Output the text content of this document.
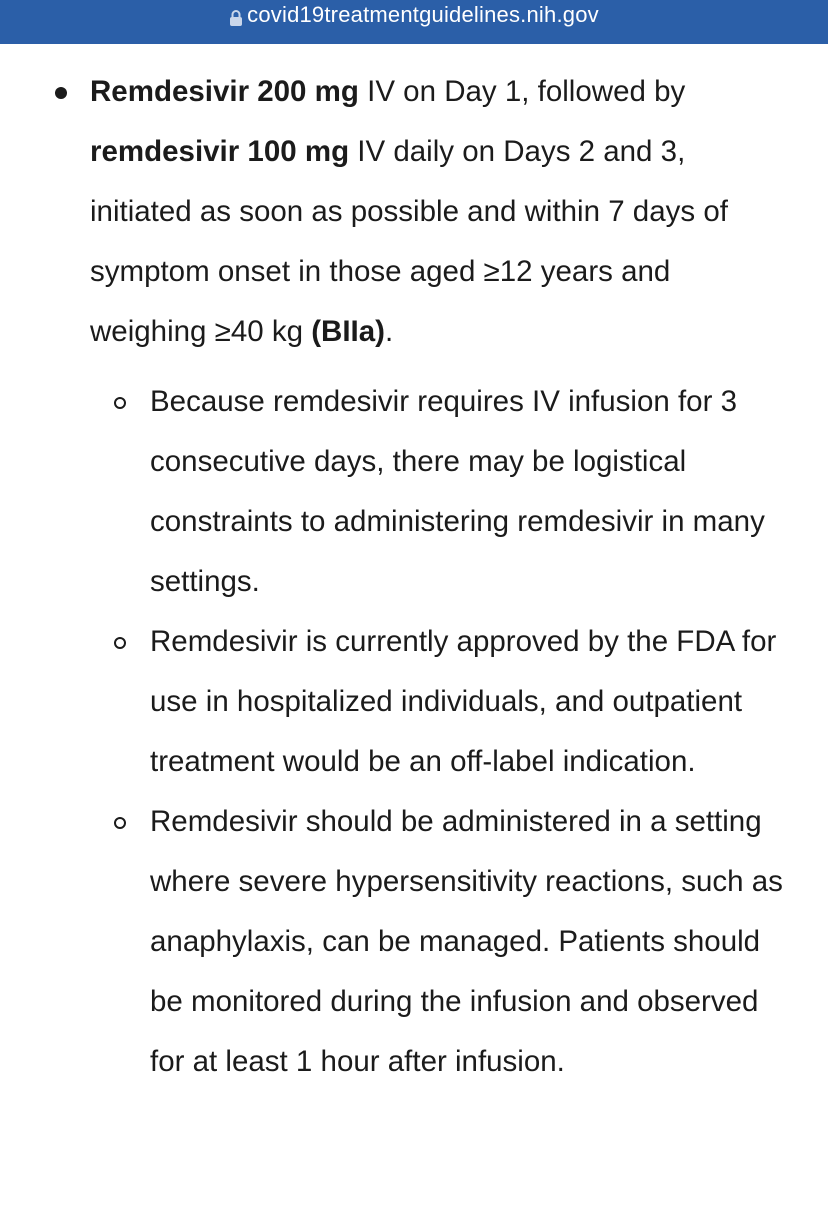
covid19treatmentguidelines.nih.gov
Remdesivir 200 mg IV on Day 1, followed by remdesivir 100 mg IV daily on Days 2 and 3, initiated as soon as possible and within 7 days of symptom onset in those aged ≥12 years and weighing ≥40 kg (BIIa).
Because remdesivir requires IV infusion for 3 consecutive days, there may be logistical constraints to administering remdesivir in many settings.
Remdesivir is currently approved by the FDA for use in hospitalized individuals, and outpatient treatment would be an off-label indication.
Remdesivir should be administered in a setting where severe hypersensitivity reactions, such as anaphylaxis, can be managed. Patients should be monitored during the infusion and observed for at least 1 hour after infusion.
